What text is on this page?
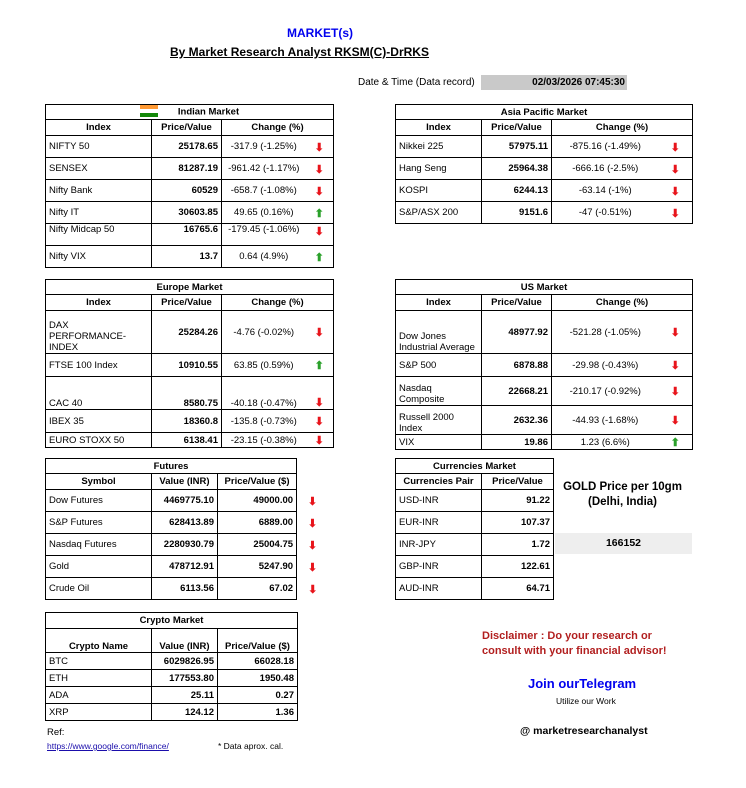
MARKET(s)
By Market Research Analyst RKSM(C)-DrRKS
Date & Time (Data record)	02/03/2026 07:45:30
Indian Market			
Index	Price/Value	Change (%)	
NIFTY 50	25178.65	-317.9 (-1.25%)	⬇
SENSEX	81287.19	-961.42 (-1.17%)	⬇
Nifty Bank	60529	-658.7 (-1.08%)	⬇
Nifty IT	30603.85	49.65 (0.16%)	⬆
Nifty Midcap 50	16765.6	-179.45 (-1.06%)	⬇
Nifty VIX	13.7	0.64 (4.9%)	⬆
Asia Pacific Market			
Index	Price/Value	Change (%)	
Nikkei 225	57975.11	-875.16 (-1.49%)	⬇
Hang Seng	25964.38	-666.16 (-2.5%)	⬇
KOSPI	6244.13	-63.14 (-1%)	⬇
S&P/ASX 200	9151.6	-47 (-0.51%)	⬇
Europe Market			
Index	Price/Value	Change (%)	
DAX PERFORMANCE-INDEX	25284.26	-4.76 (-0.02%)	⬇
FTSE 100 Index	10910.55	63.85 (0.59%)	⬆
CAC 40	8580.75	-40.18 (-0.47%)	⬇
IBEX 35	18360.8	-135.8 (-0.73%)	⬇
EURO STOXX 50	6138.41	-23.15 (-0.38%)	⬇
US Market			
Index	Price/Value	Change (%)	
Dow Jones Industrial Average	48977.92	-521.28 (-1.05%)	⬇
S&P 500	6878.88	-29.98 (-0.43%)	⬇
Nasdaq Composite	22668.21	-210.17 (-0.92%)	⬇
Russell 2000 Index	2632.36	-44.93 (-1.68%)	⬇
VIX	19.86	1.23 (6.6%)	⬆
Futures			
Symbol	Value (INR)	Price/Value ($)	
Dow Futures	4469775.10	49000.00	⬇
S&P Futures	628413.89	6889.00	⬇
Nasdaq Futures	2280930.79	25004.75	⬇
Gold	478712.91	5247.90	⬇
Crude Oil	6113.56	67.02	⬇
Currencies Market	
Currencies Pair	Price/Value
USD-INR	91.22
EUR-INR	107.37
INR-JPY	1.72
GBP-INR	122.61
AUD-INR	64.71
GOLD Price per 10gm (Delhi, India)
166152
Crypto Market		
Crypto Name	Value (INR)	Price/Value ($)
BTC	6029826.95	66028.18
ETH	177553.80	1950.48
ADA	25.11	0.27
XRP	124.12	1.36
Ref:
https://www.google.com/finance/	* Data aprox. cal.
Disclaimer : Do your research or consult with your financial advisor!
Join ourTelegram
Utilize our Work
@ marketresearchanalyst
